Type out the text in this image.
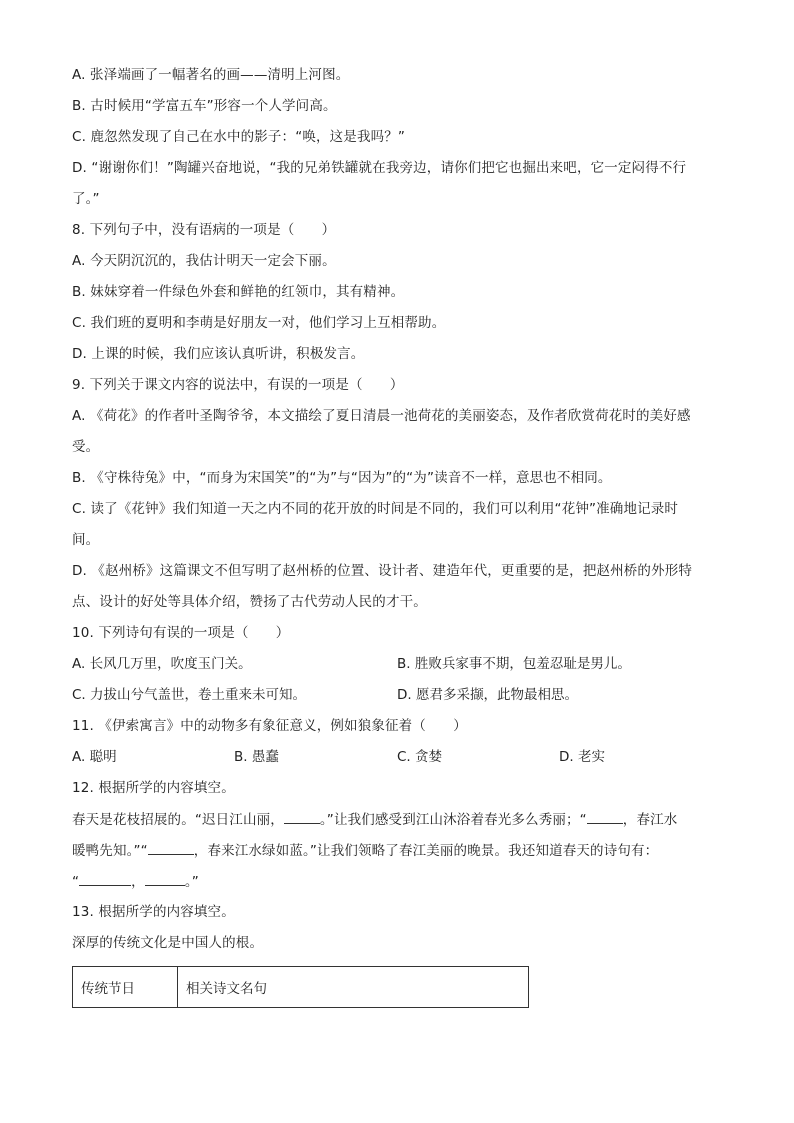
A. 张泽端画了一幅著名的画——清明上河图。
B. 古时候用“学富五车”形容一个人学问高。
C. 鹿忽然发现了自己在水中的影子：“唤，这是我吗？”
D. “谢谢你们！”陶罐兴奋地说，“我的兄弟铁罐就在我旁边，请你们把它也掘出来吧，它一定闷得不行
了。”
8. 下列句子中，没有语病的一项是（　　）
A. 今天阴沉沉的，我估计明天一定会下丽。
B. 妹妹穿着一件绿色外套和鲜艳的红领巾，其有精神。
C. 我们班的夏明和李萌是好朋友一对，他们学习上互相帮助。
D. 上课的时候，我们应该认真听讲，积极发言。
9. 下列关于课文内容的说法中，有误的一项是（　　）
A. 《荷花》的作者叶圣陶爷爷，本文描绘了夏日清晨一池荷花的美丽姿态，及作者欣赏荷花时的美好感
受。
B. 《守株待兔》中，“而身为宋国笑”的“为”与“因为”的“为”读音不一样，意思也不相同。
C. 读了《花钟》我们知道一天之内不同的花开放的时间是不同的，我们可以利用“花钟”准确地记录时
间。
D. 《赵州桥》这篇课文不但写明了赵州桥的位置、设计者、建造年代，更重要的是，把赵州桥的外形特
点、设计的好处等具体介绍，赞扬了古代劳动人民的才干。
10. 下列诗句有误的一项是（　　）
A. 长风几万里，吹度玉门关。	B. 胜败兵家事不期，包羞忍耻是男儿。
C. 力拔山兮气盖世，卷土重来未可知。	D. 愿君多采撷，此物最相思。
11. 《伊索寓言》中的动物多有象征意义，例如狼象征着（　　）
A. 聪明	B. 愚蠢	C. 贪婪	D. 老实
12. 根据所学的内容填空。
春天是花枝招展的。“迟日江山丽，	。”让我们感受到江山沐浴着春光多么秀丽；“	，春江水
暖鸭先知。”“	，春来江水绿如蓝。”让我们领略了春江美丽的晚景。我还知道春天的诗句有：
“	，	。”
13. 根据所学的内容填空。
深厚的传统文化是中国人的根。
传统节日	相关诗文名句
